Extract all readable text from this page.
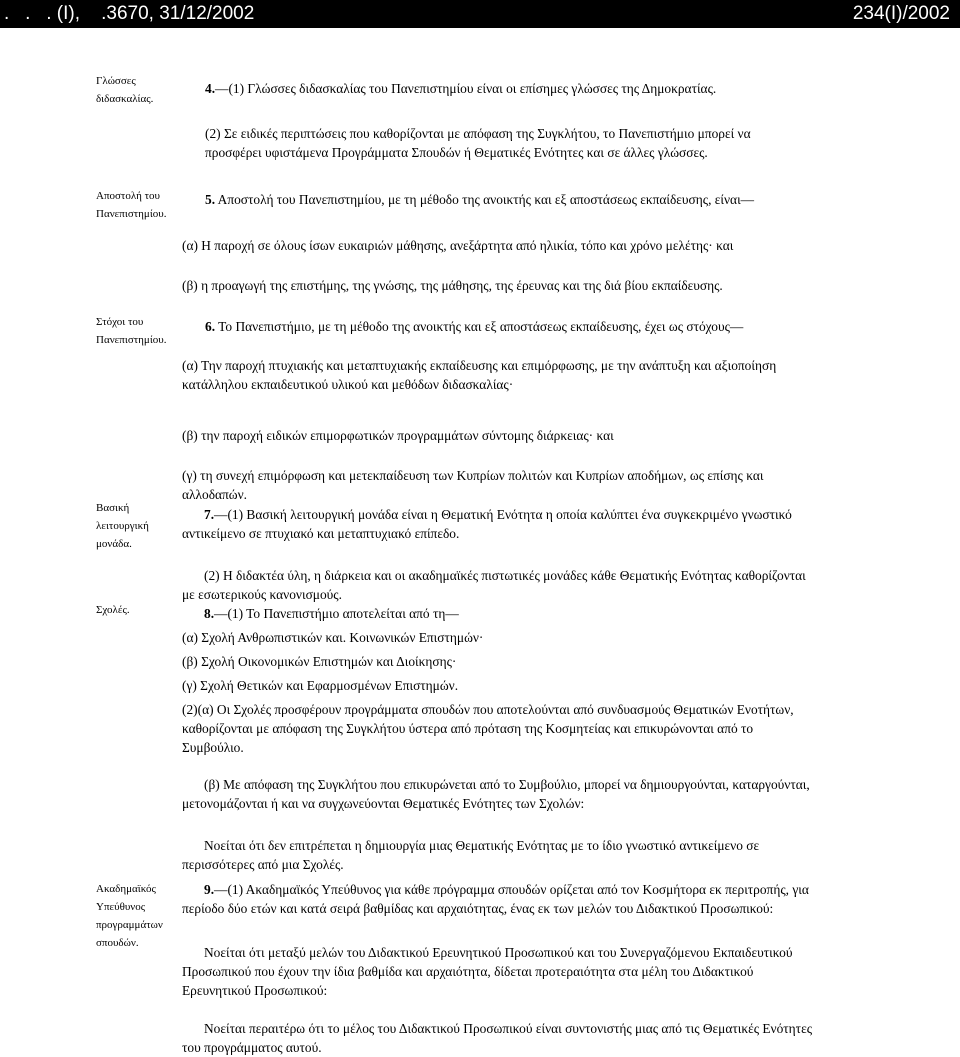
.   .   . (Ι),    .3670, 31/12/2002	234(Ι)/2002
Γλώσσες διδασκαλίας.
Αποστολή του Πανεπιστημίου.
Στόχοι του Πανεπιστημίου.
Βασική λειτουργική μονάδα.
Σχολές.
Ακαδημαϊκός Υπεύθυνος προγραμμάτων σπουδών.

4.—(1) Γλώσσες διδασκαλίας του Πανεπιστημίου είναι οι επίσημες γλώσσες της Δημοκρατίας.

(2) Σε ειδικές περιπτώσεις που καθορίζονται με απόφαση της Συγκλήτου, το Πανεπιστήμιο μπορεί να προσφέρει υφιστάμενα Προγράμματα Σπουδών ή Θεματικές Ενότητες και σε άλλες γλώσσες.

5. Αποστολή του Πανεπιστημίου, με τη μέθοδο της ανοικτής και εξ αποστάσεως εκπαίδευσης, είναι—

(α) Η παροχή σε όλους ίσων ευκαιριών μάθησης, ανεξάρτητα από ηλικία, τόπο και χρόνο μελέτης· και

(β) η προαγωγή της επιστήμης, της γνώσης, της μάθησης, της έρευνας και της διά βίου εκπαίδευσης.

6. Το Πανεπιστήμιο, με τη μέθοδο της ανοικτής και εξ αποστάσεως εκπαίδευσης, έχει ως στόχους—

(α) Την παροχή πτυχιακής και μεταπτυχιακής εκπαίδευσης και επιμόρφωσης, με την ανάπτυξη και αξιοποίηση κατάλληλου εκπαιδευτικού υλικού και μεθόδων διδασκαλίας·

(β) την παροχή ειδικών επιμορφωτικών προγραμμάτων σύντομης διάρκειας· και

(γ) τη συνεχή επιμόρφωση και μετεκπαίδευση των Κυπρίων πολιτών και Κυπρίων αποδήμων, ως επίσης και αλλοδαπών.

7.—(1) Βασική λειτουργική μονάδα είναι η Θεματική Ενότητα η οποία καλύπτει ένα συγκεκριμένο γνωστικό αντικείμενο σε πτυχιακό και μεταπτυχιακό επίπεδο.

(2) Η διδακτέα ύλη, η διάρκεια και οι ακαδημαϊκές πιστωτικές μονάδες κάθε Θεματικής Ενότητας καθορίζονται με εσωτερικούς κανονισμούς.

8.—(1) Το Πανεπιστήμιο αποτελείται από τη—

(α) Σχολή Ανθρωπιστικών και. Κοινωνικών Επιστημών·

(β) Σχολή Οικονομικών Επιστημών και Διοίκησης·

(γ) Σχολή Θετικών και Εφαρμοσμένων Επιστημών.

(2)(α) Οι Σχολές προσφέρουν προγράμματα σπουδών που αποτελούνται από συνδυασμούς Θεματικών Ενοτήτων, καθορίζονται με απόφαση της Συγκλήτου ύστερα από πρόταση της Κοσμητείας και επικυρώνονται από το Συμβούλιο.

(β) Με απόφαση της Συγκλήτου που επικυρώνεται από το Συμβούλιο, μπορεί να δημιουργούνται, καταργούνται, μετονομάζονται ή και να συγχωνεύονται Θεματικές Ενότητες των Σχολών:

Νοείται ότι δεν επιτρέπεται η δημιουργία μιας Θεματικής Ενότητας με το ίδιο γνωστικό αντικείμενο σε περισσότερες από μια Σχολές.

9.—(1) Ακαδημαϊκός Υπεύθυνος για κάθε πρόγραμμα σπουδών ορίζεται από τον Κοσμήτορα εκ περιτροπής, για περίοδο δύο ετών και κατά σειρά βαθμίδας και αρχαιότητας, ένας εκ των μελών του Διδακτικού Προσωπικού:

Νοείται ότι μεταξύ μελών του Διδακτικού Ερευνητικού Προσωπικού και του Συνεργαζόμενου Εκπαιδευτικού Προσωπικού που έχουν την ίδια βαθμίδα και αρχαιότητα, δίδεται προτεραιότητα στα μέλη του Διδακτικού Ερευνητικού Προσωπικού:

Νοείται περαιτέρω ότι το μέλος του Διδακτικού Προσωπικού είναι συντονιστής μιας από τις Θεματικές Ενότητες του προγράμματος αυτού.
